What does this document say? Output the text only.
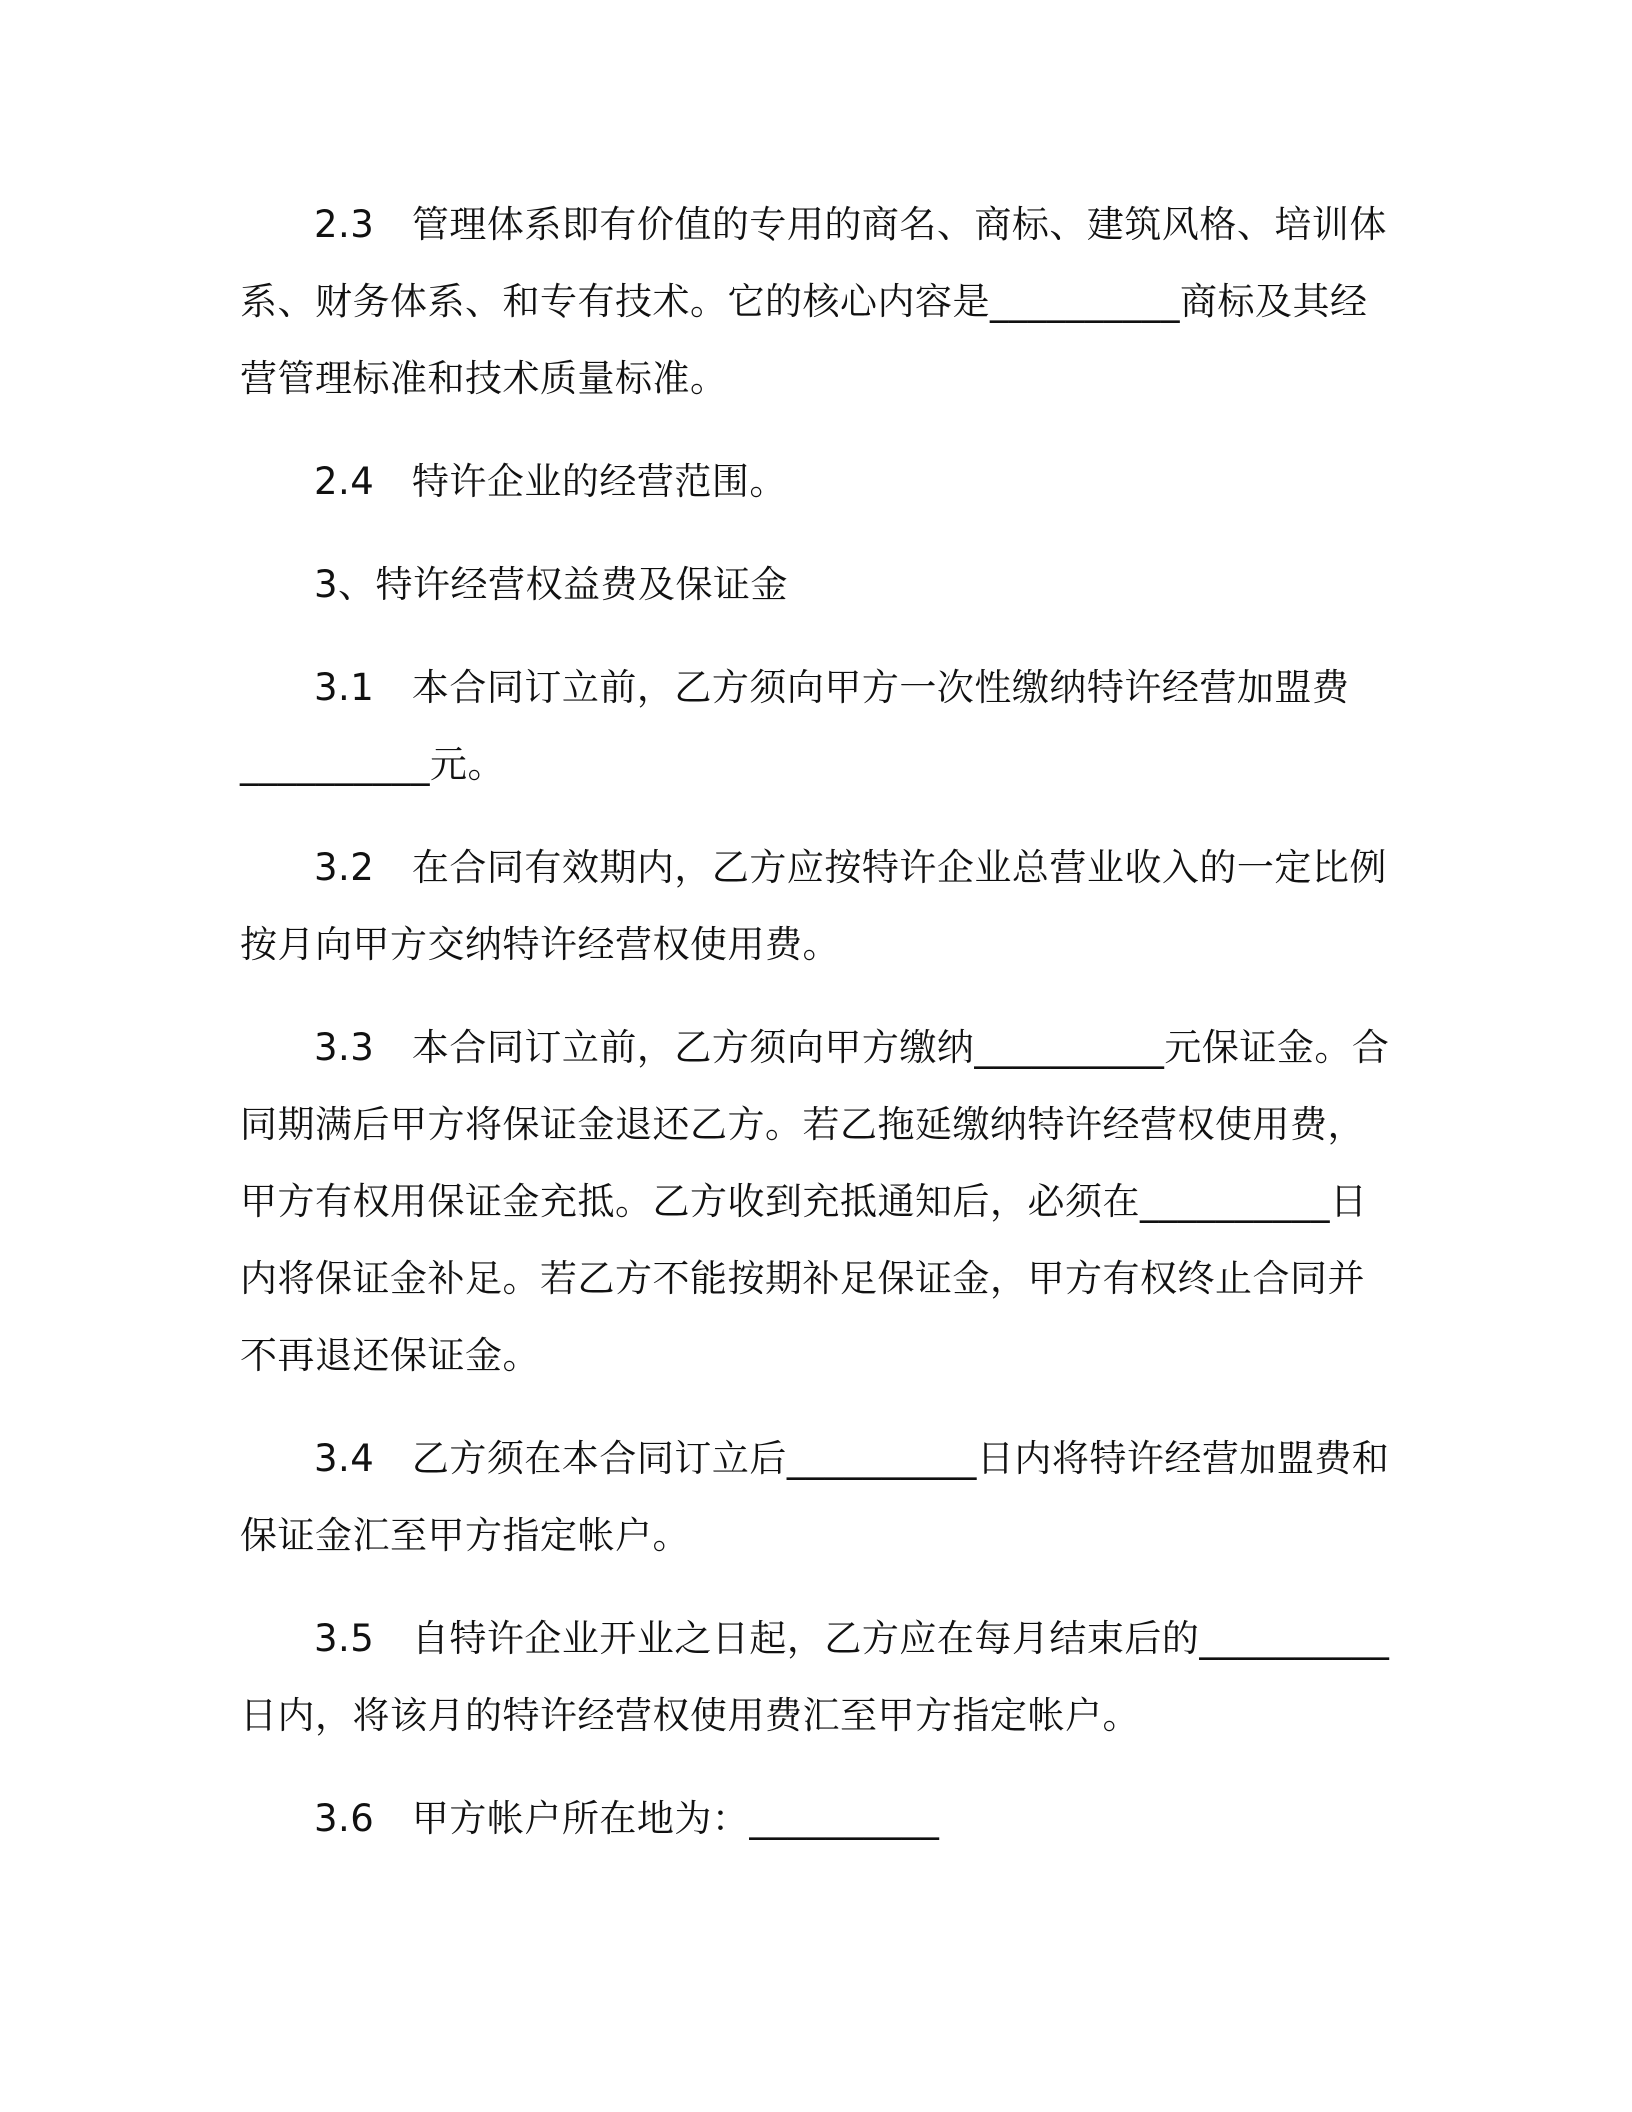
2.3　管理体系即有价值的专用的商名、商标、建筑风格、培训体
系、财务体系、和专有技术。它的核心内容是__________商标及其经
营管理标准和技术质量标准。
2.4　特许企业的经营范围。
3、特许经营权益费及保证金
3.1　本合同订立前，乙方须向甲方一次性缴纳特许经营加盟费
__________元。
3.2　在合同有效期内，乙方应按特许企业总营业收入的一定比例
按月向甲方交纳特许经营权使用费。
3.3　本合同订立前，乙方须向甲方缴纳__________元保证金。合
同期满后甲方将保证金退还乙方。若乙拖延缴纳特许经营权使用费，
甲方有权用保证金充抵。乙方收到充抵通知后，必须在__________日
内将保证金补足。若乙方不能按期补足保证金，甲方有权终止合同并
不再退还保证金。
3.4　乙方须在本合同订立后__________日内将特许经营加盟费和
保证金汇至甲方指定帐户。
3.5　自特许企业开业之日起，乙方应在每月结束后的__________
日内，将该月的特许经营权使用费汇至甲方指定帐户。
3.6　甲方帐户所在地为：__________
